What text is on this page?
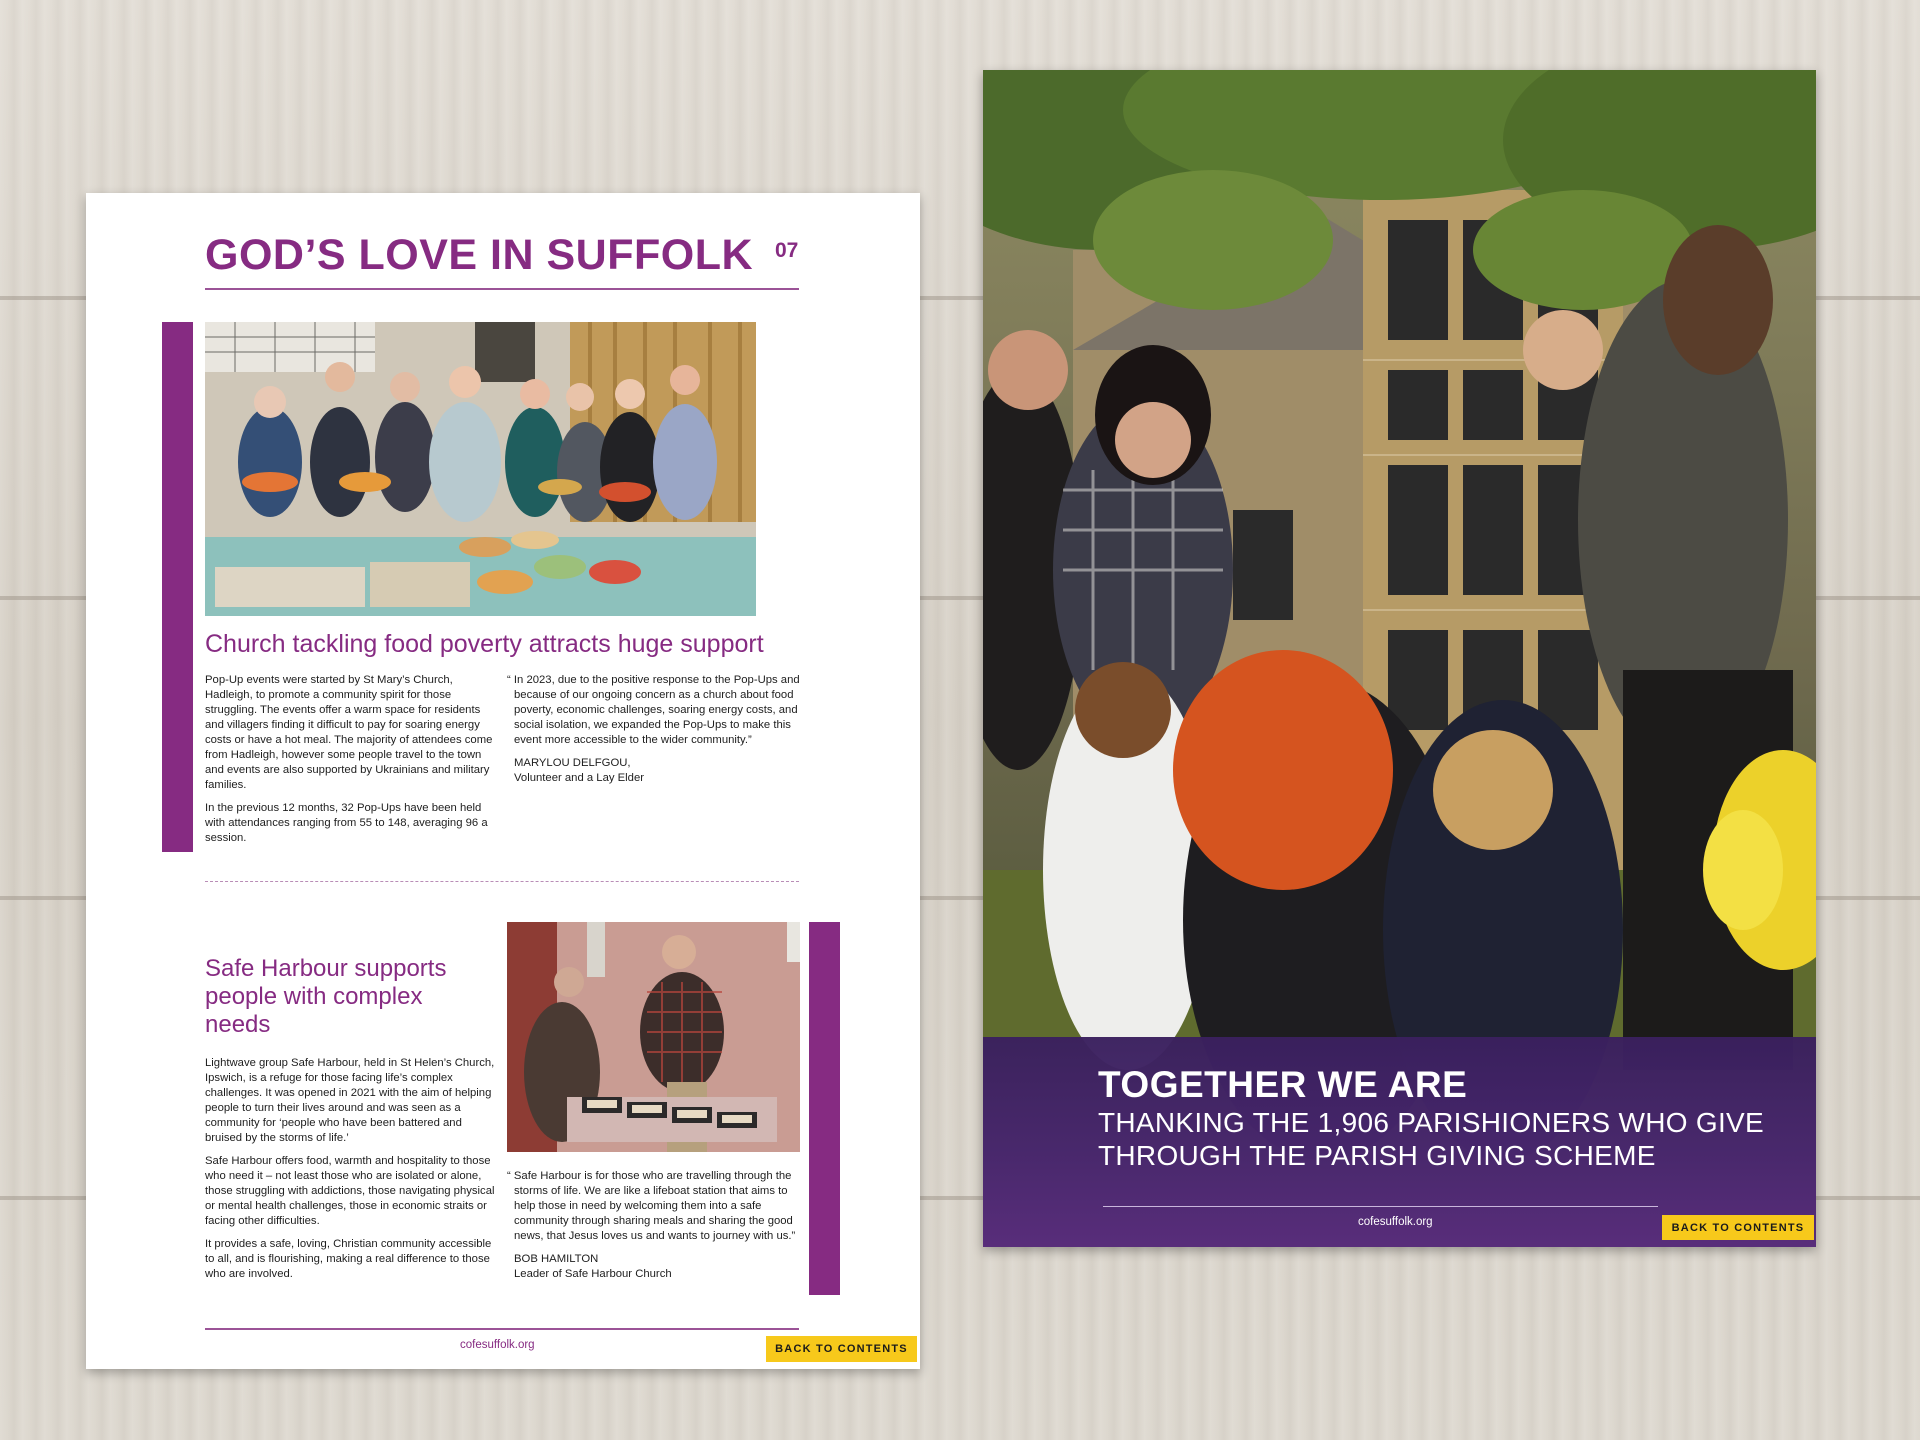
GOD’S LOVE IN SUFFOLK 07
Church tackling food poverty attracts huge support

Pop-Up events were started by St Mary’s Church, Hadleigh, to promote a community spirit for those struggling. The events offer a warm space for residents and villagers finding it difficult to pay for soaring energy costs or have a hot meal. The majority of attendees come from Hadleigh, however some people travel to the town and events are also supported by Ukrainians and military families.

In the previous 12 months, 32 Pop-Ups have been held with attendances ranging from 55 to 148, averaging 96 a session.

“ In 2023, due to the positive response to the Pop-Ups and because of our ongoing concern as a church about food poverty, economic challenges, soaring energy costs, and social isolation, we expanded the Pop-Ups to make this event more accessible to the wider community.”

MARYLOU DELFGOU,
Volunteer and a Lay Elder
Safe Harbour supports people with complex needs

Lightwave group Safe Harbour, held in St Helen’s Church, Ipswich, is a refuge for those facing life’s complex challenges. It was opened in 2021 with the aim of helping people to turn their lives around and was seen as a community for ‘people who have been battered and bruised by the storms of life.’

Safe Harbour offers food, warmth and hospitality to those who need it – not least those who are isolated or alone, those struggling with addictions, those navigating physical or mental health challenges, those in economic straits or facing other difficulties.

It provides a safe, loving, Christian community accessible to all, and is flourishing, making a real difference to those who are involved.

“ Safe Harbour is for those who are travelling through the storms of life. We are like a lifeboat station that aims to help those in need by welcoming them into a safe community through sharing meals and sharing the good news, that Jesus loves us and wants to journey with us.”

BOB HAMILTON
Leader of Safe Harbour Church
cofesuffolk.org	BACK TO CONTENTS
TOGETHER WE ARE
THANKING THE 1,906 PARISHIONERS WHO GIVE THROUGH THE PARISH GIVING SCHEME
cofesuffolk.org	BACK TO CONTENTS
